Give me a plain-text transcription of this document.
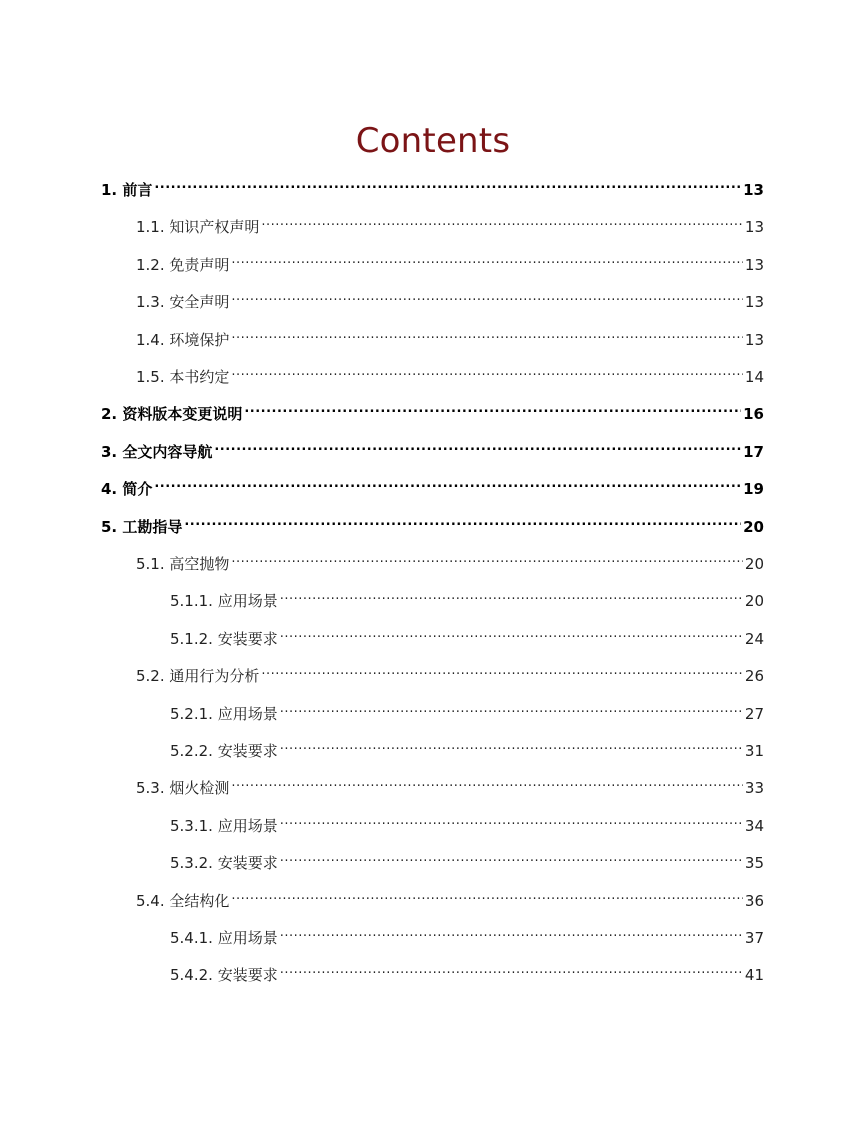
Contents
1. 前言 .....	13
1.1. 知识产权声明 .....	13
1.2. 免责声明 .....	13
1.3. 安全声明 .....	13
1.4. 环境保护 .....	13
1.5. 本书约定 .....	14
2. 资料版本变更说明 .....	16
3. 全文内容导航 .....	17
4. 简介 .....	19
5. 工勘指导 .....	20
5.1. 高空抛物 .....	20
5.1.1. 应用场景 .....	20
5.1.2. 安装要求 .....	24
5.2. 通用行为分析 .....	26
5.2.1. 应用场景 .....	27
5.2.2. 安装要求 .....	31
5.3. 烟火检测 .....	33
5.3.1. 应用场景 .....	34
5.3.2. 安装要求 .....	35
5.4. 全结构化 .....	36
5.4.1. 应用场景 .....	37
5.4.2. 安装要求 .....	41
